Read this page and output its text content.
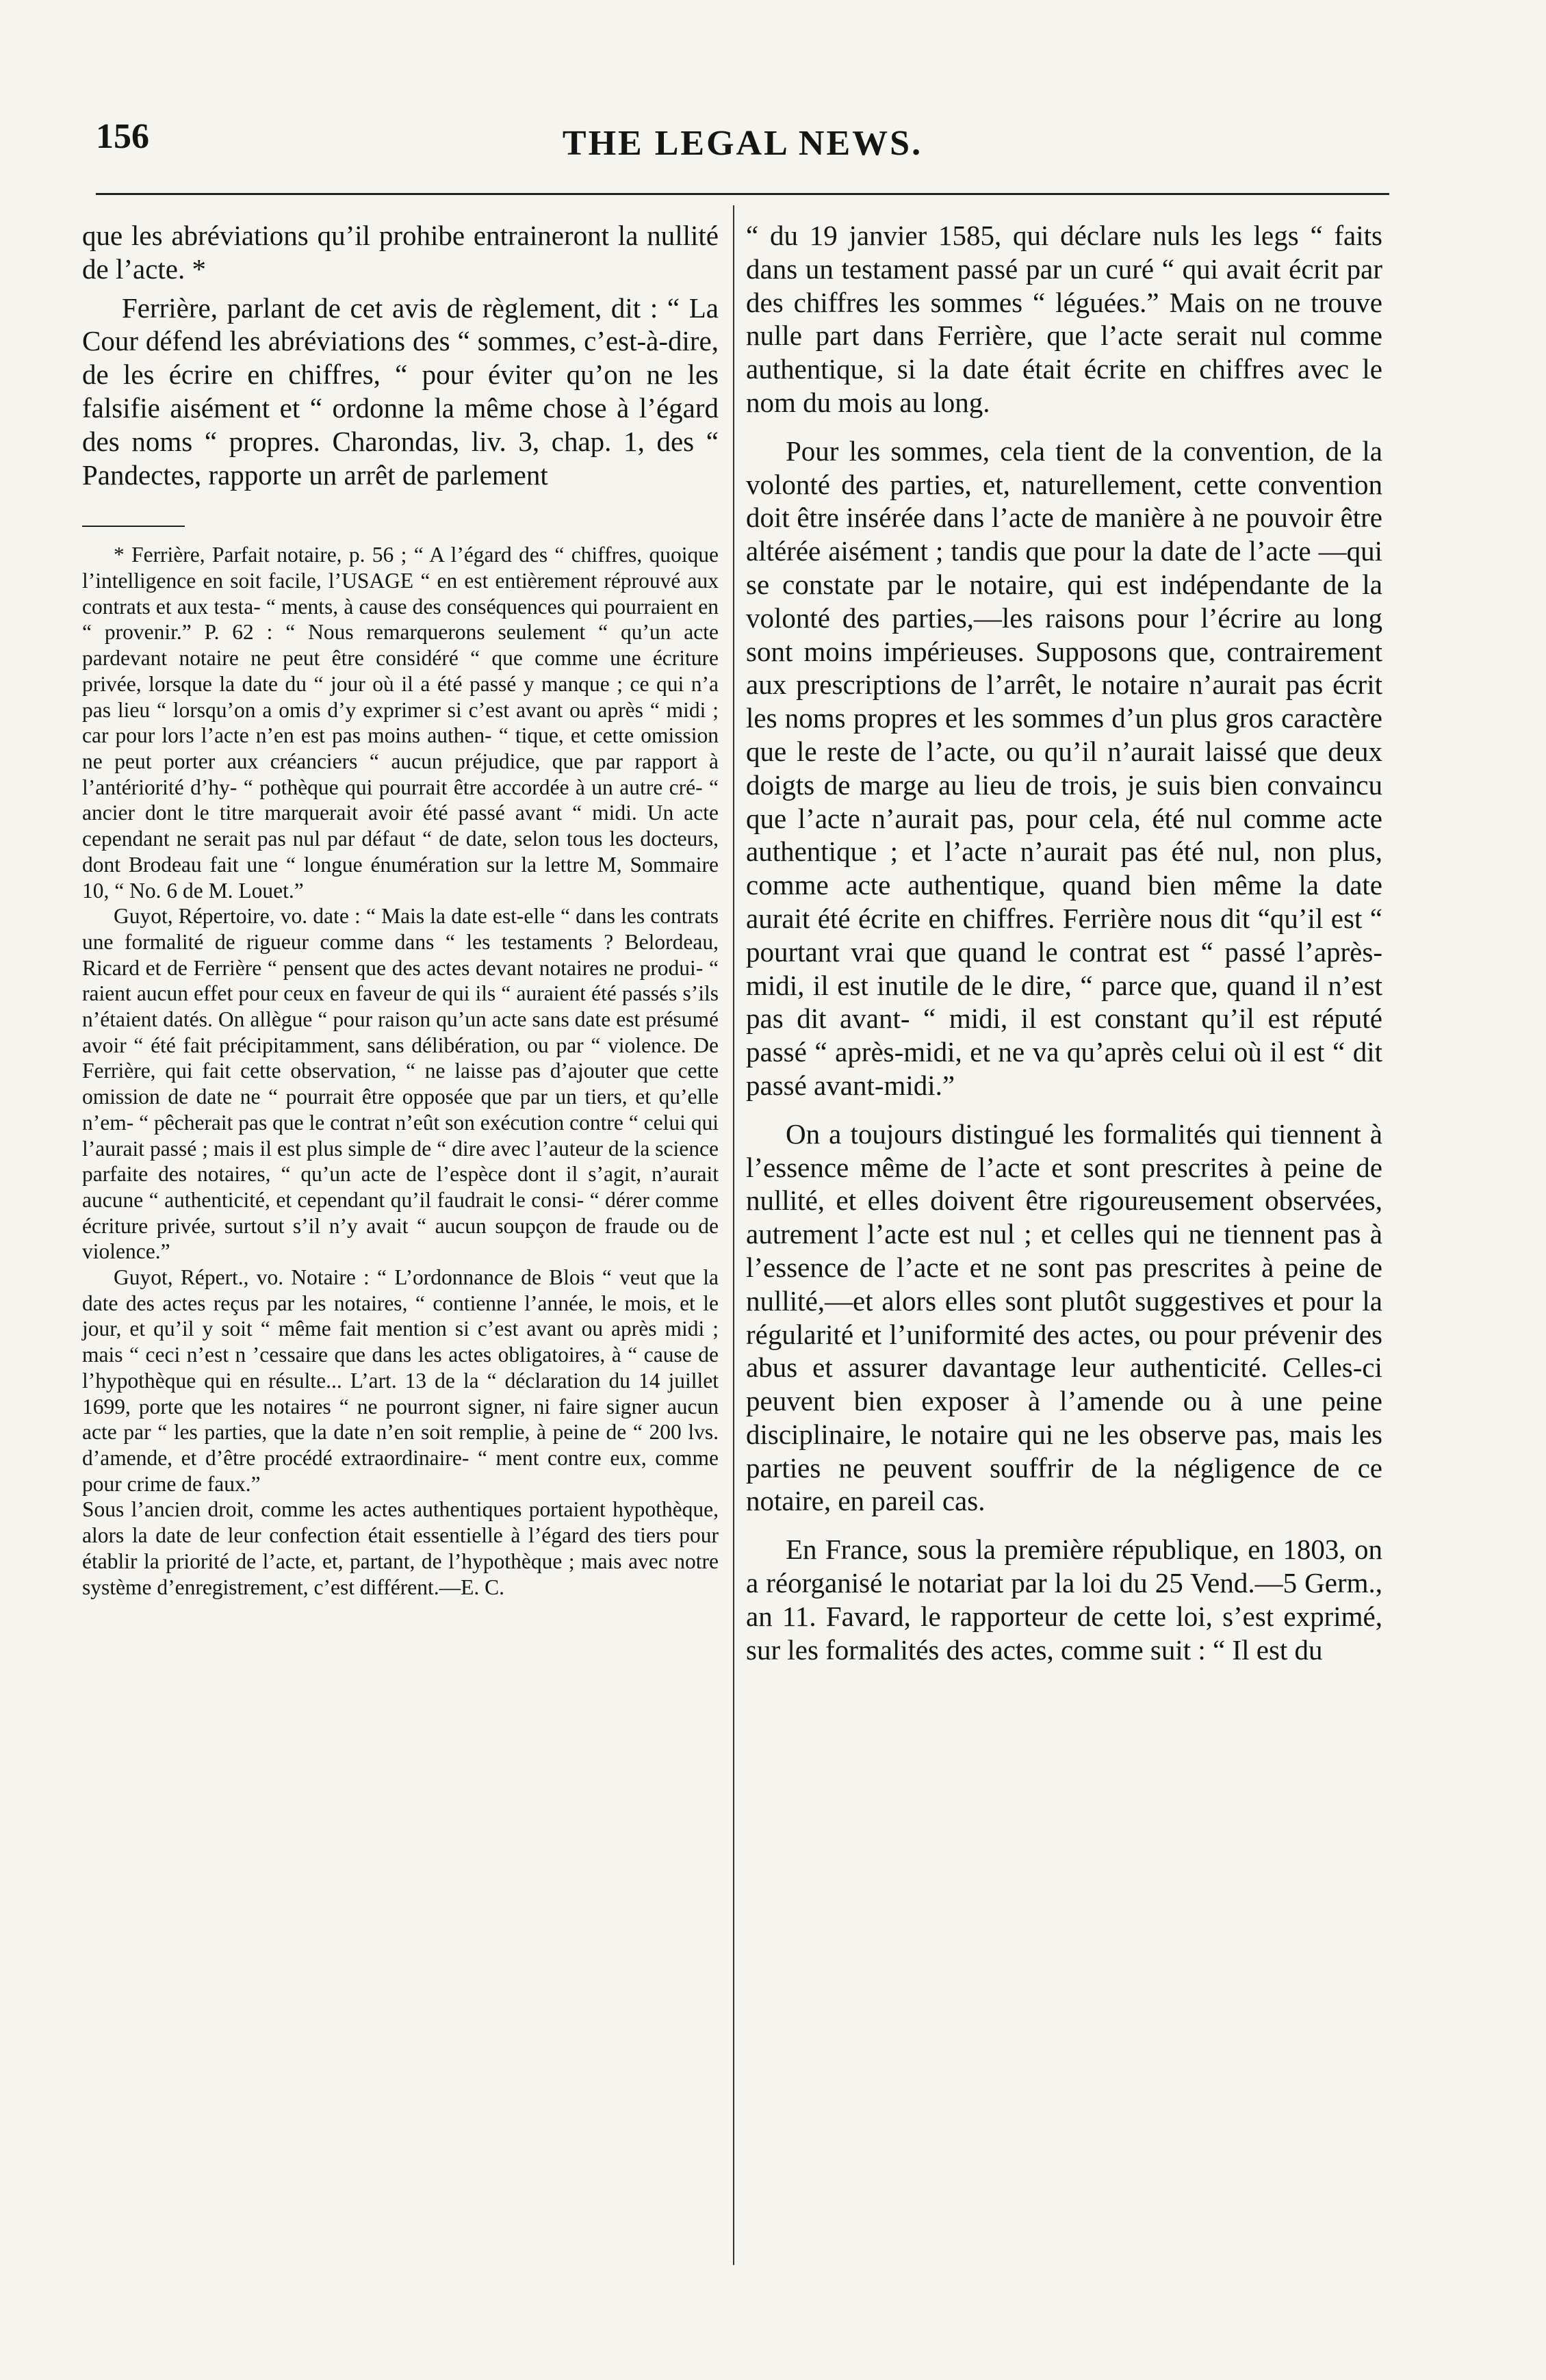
156	THE LEGAL NEWS.

que les abréviations qu’il prohibe entraineront la nullité de l’acte. *

Ferrière, parlant de cet avis de règlement, dit : “ La Cour défend les abréviations des “ sommes, c’est-à-dire, de les écrire en chiffres, “ pour éviter qu’on ne les falsifie aisément et “ ordonne la même chose à l’égard des noms “ propres. Charondas, liv. 3, chap. 1, des “ Pandectes, rapporte un arrêt de parlement

* Ferrière, Parfait notaire, p. 56 ; “ A l’égard des “ chiffres, quoique l’intelligence en soit facile, l’USAGE “ en est entièrement réprouvé aux contrats et aux testa- “ ments, à cause des conséquences qui pourraient en “ provenir.” P. 62 : “ Nous remarquerons seulement “ qu’un acte pardevant notaire ne peut être considéré “ que comme une écriture privée, lorsque la date du “ jour où il a été passé y manque ; ce qui n’a pas lieu “ lorsqu’on a omis d’y exprimer si c’est avant ou après “ midi ; car pour lors l’acte n’en est pas moins authen- “ tique, et cette omission ne peut porter aux créanciers “ aucun préjudice, que par rapport à l’antériorité d’hy- “ pothèque qui pourrait être accordée à un autre cré- “ ancier dont le titre marquerait avoir été passé avant “ midi. Un acte cependant ne serait pas nul par défaut “ de date, selon tous les docteurs, dont Brodeau fait une “ longue énumération sur la lettre M, Sommaire 10, “ No. 6 de M. Louet.”

Guyot, Répertoire, vo. date : “ Mais la date est-elle “ dans les contrats une formalité de rigueur comme dans “ les testaments ? Belordeau, Ricard et de Ferrière “ pensent que des actes devant notaires ne produi- “ raient aucun effet pour ceux en faveur de qui ils “ auraient été passés s’ils n’étaient datés. On allègue “ pour raison qu’un acte sans date est présumé avoir “ été fait précipitamment, sans délibération, ou par “ violence. De Ferrière, qui fait cette observation, “ ne laisse pas d’ajouter que cette omission de date ne “ pourrait être opposée que par un tiers, et qu’elle n’em- “ pêcherait pas que le contrat n’eût son exécution contre “ celui qui l’aurait passé ; mais il est plus simple de “ dire avec l’auteur de la science parfaite des notaires, “ qu’un acte de l’espèce dont il s’agit, n’aurait aucune “ authenticité, et cependant qu’il faudrait le consi- “ dérer comme écriture privée, surtout s’il n’y avait “ aucun soupçon de fraude ou de violence.”

Guyot, Répert., vo. Notaire : “ L’ordonnance de Blois “ veut que la date des actes reçus par les notaires, “ contienne l’année, le mois, et le jour, et qu’il y soit “ même fait mention si c’est avant ou après midi ; mais “ ceci n’est n ’cessaire que dans les actes obligatoires, à “ cause de l’hypothèque qui en résulte... L’art. 13 de la “ déclaration du 14 juillet 1699, porte que les notaires “ ne pourront signer, ni faire signer aucun acte par “ les parties, que la date n’en soit remplie, à peine de “ 200 lvs. d’amende, et d’être procédé extraordinaire- “ ment contre eux, comme pour crime de faux.”

Sous l’ancien droit, comme les actes authentiques portaient hypothèque, alors la date de leur confection était essentielle à l’égard des tiers pour établir la priorité de l’acte, et, partant, de l’hypothèque ; mais avec notre système d’enregistrement, c’est différent.—E. C.

“ du 19 janvier 1585, qui déclare nuls les legs “ faits dans un testament passé par un curé “ qui avait écrit par des chiffres les sommes “ léguées.” Mais on ne trouve nulle part dans Ferrière, que l’acte serait nul comme authentique, si la date était écrite en chiffres avec le nom du mois au long.

Pour les sommes, cela tient de la convention, de la volonté des parties, et, naturellement, cette convention doit être insérée dans l’acte de manière à ne pouvoir être altérée aisément ; tandis que pour la date de l’acte —qui se constate par le notaire, qui est indépendante de la volonté des parties,—les raisons pour l’écrire au long sont moins impérieuses. Supposons que, contrairement aux prescriptions de l’arrêt, le notaire n’aurait pas écrit les noms propres et les sommes d’un plus gros caractère que le reste de l’acte, ou qu’il n’aurait laissé que deux doigts de marge au lieu de trois, je suis bien convaincu que l’acte n’aurait pas, pour cela, été nul comme acte authentique ; et l’acte n’aurait pas été nul, non plus, comme acte authentique, quand bien même la date aurait été écrite en chiffres. Ferrière nous dit “qu’il est “ pourtant vrai que quand le contrat est “ passé l’après-midi, il est inutile de le dire, “ parce que, quand il n’est pas dit avant- “ midi, il est constant qu’il est réputé passé “ après-midi, et ne va qu’après celui où il est “ dit passé avant-midi.”

On a toujours distingué les formalités qui tiennent à l’essence même de l’acte et sont prescrites à peine de nullité, et elles doivent être rigoureusement observées, autrement l’acte est nul ; et celles qui ne tiennent pas à l’essence de l’acte et ne sont pas prescrites à peine de nullité,—et alors elles sont plutôt suggestives et pour la régularité et l’uniformité des actes, ou pour prévenir des abus et assurer davantage leur authenticité. Celles-ci peuvent bien exposer à l’amende ou à une peine disciplinaire, le notaire qui ne les observe pas, mais les parties ne peuvent souffrir de la négligence de ce notaire, en pareil cas.

En France, sous la première république, en 1803, on a réorganisé le notariat par la loi du 25 Vend.—5 Germ., an 11. Favard, le rapporteur de cette loi, s’est exprimé, sur les formalités des actes, comme suit : “ Il est du
